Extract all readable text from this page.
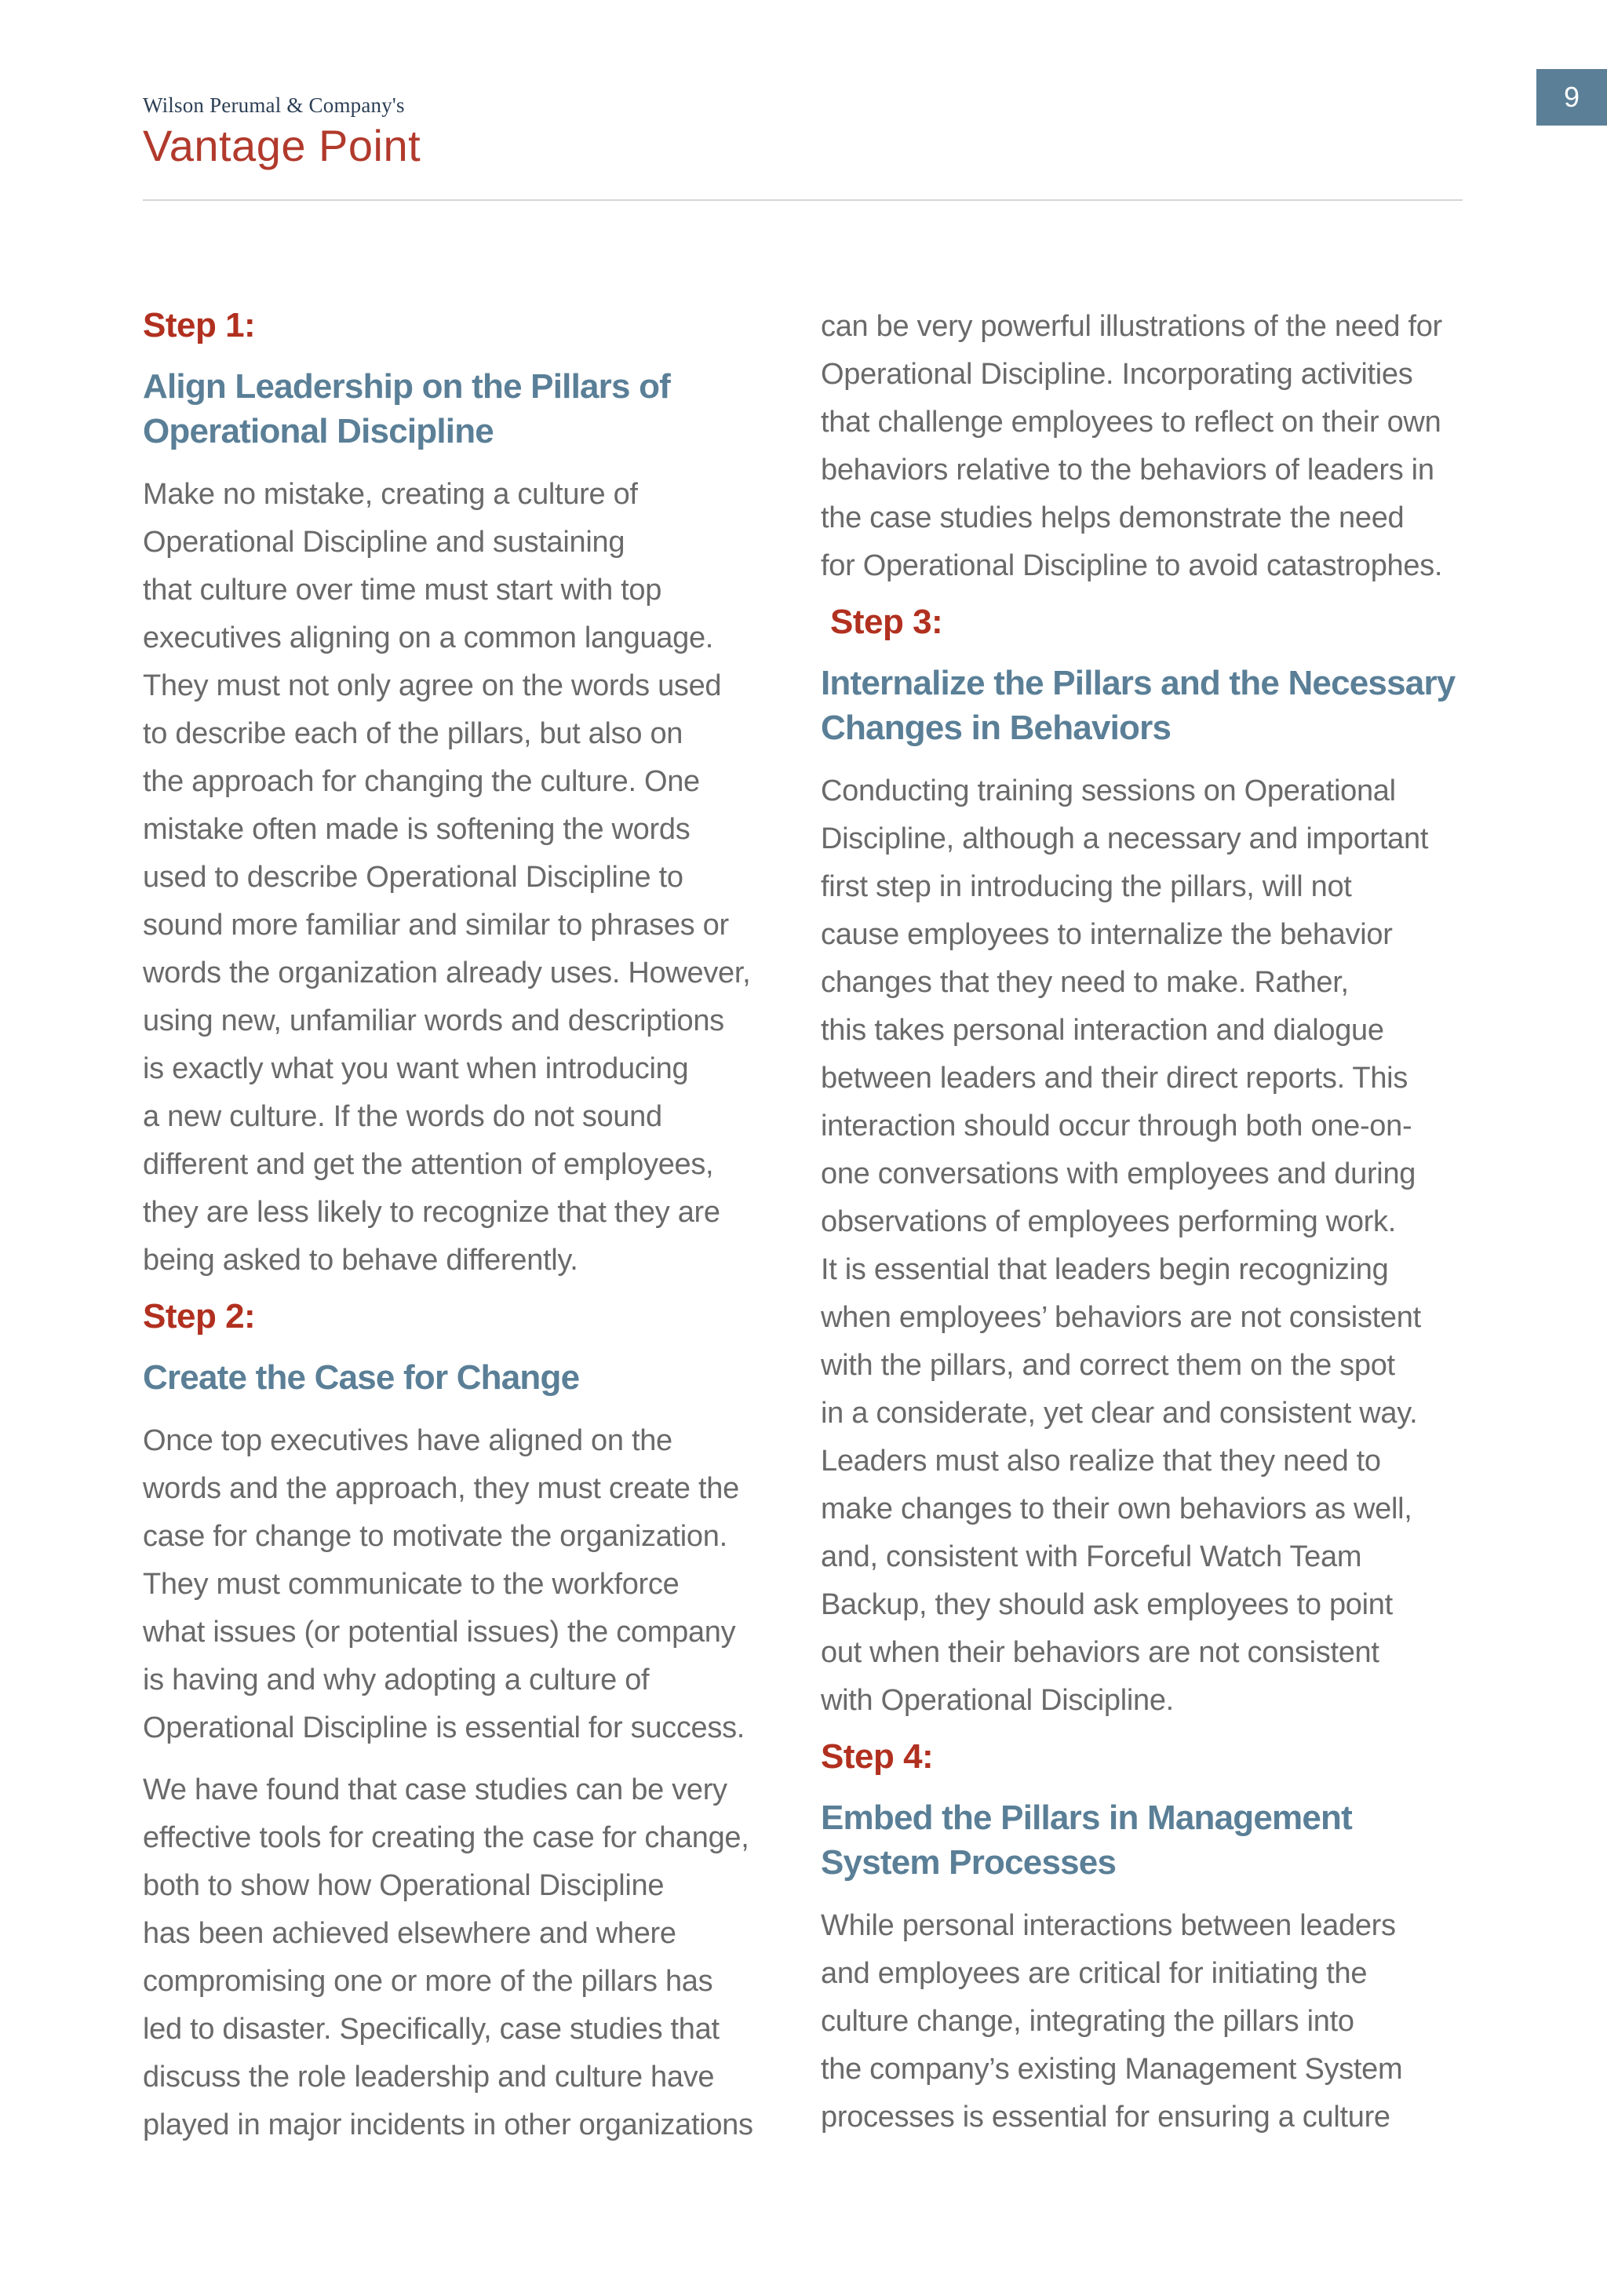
Wilson Perumal & Company's
Vantage Point
9
Step 1:
Align Leadership on the Pillars of
Operational Discipline

Make no mistake, creating a culture of
Operational Discipline and sustaining
that culture over time must start with top
executives aligning on a common language.
They must not only agree on the words used
to describe each of the pillars, but also on
the approach for changing the culture. One
mistake often made is softening the words
used to describe Operational Discipline to
sound more familiar and similar to phrases or
words the organization already uses. However,
using new, unfamiliar words and descriptions
is exactly what you want when introducing
a new culture. If the words do not sound
different and get the attention of employees,
they are less likely to recognize that they are
being asked to behave differently.

Step 2:
Create the Case for Change

Once top executives have aligned on the
words and the approach, they must create the
case for change to motivate the organization.
They must communicate to the workforce
what issues (or potential issues) the company
is having and why adopting a culture of
Operational Discipline is essential for success.

We have found that case studies can be very
effective tools for creating the case for change,
both to show how Operational Discipline
has been achieved elsewhere and where
compromising one or more of the pillars has
led to disaster. Specifically, case studies that
discuss the role leadership and culture have
played in major incidents in other organizations

can be very powerful illustrations of the need for
Operational Discipline. Incorporating activities
that challenge employees to reflect on their own
behaviors relative to the behaviors of leaders in
the case studies helps demonstrate the need
for Operational Discipline to avoid catastrophes.

Step 3:
Internalize the Pillars and the Necessary
Changes in Behaviors

Conducting training sessions on Operational
Discipline, although a necessary and important
first step in introducing the pillars, will not
cause employees to internalize the behavior
changes that they need to make. Rather,
this takes personal interaction and dialogue
between leaders and their direct reports. This
interaction should occur through both one-on-
one conversations with employees and during
observations of employees performing work.
It is essential that leaders begin recognizing
when employees’ behaviors are not consistent
with the pillars, and correct them on the spot
in a considerate, yet clear and consistent way.
Leaders must also realize that they need to
make changes to their own behaviors as well,
and, consistent with Forceful Watch Team
Backup, they should ask employees to point
out when their behaviors are not consistent
with Operational Discipline.

Step 4:
Embed the Pillars in Management
System Processes

While personal interactions between leaders
and employees are critical for initiating the
culture change, integrating the pillars into
the company’s existing Management System
processes is essential for ensuring a culture
